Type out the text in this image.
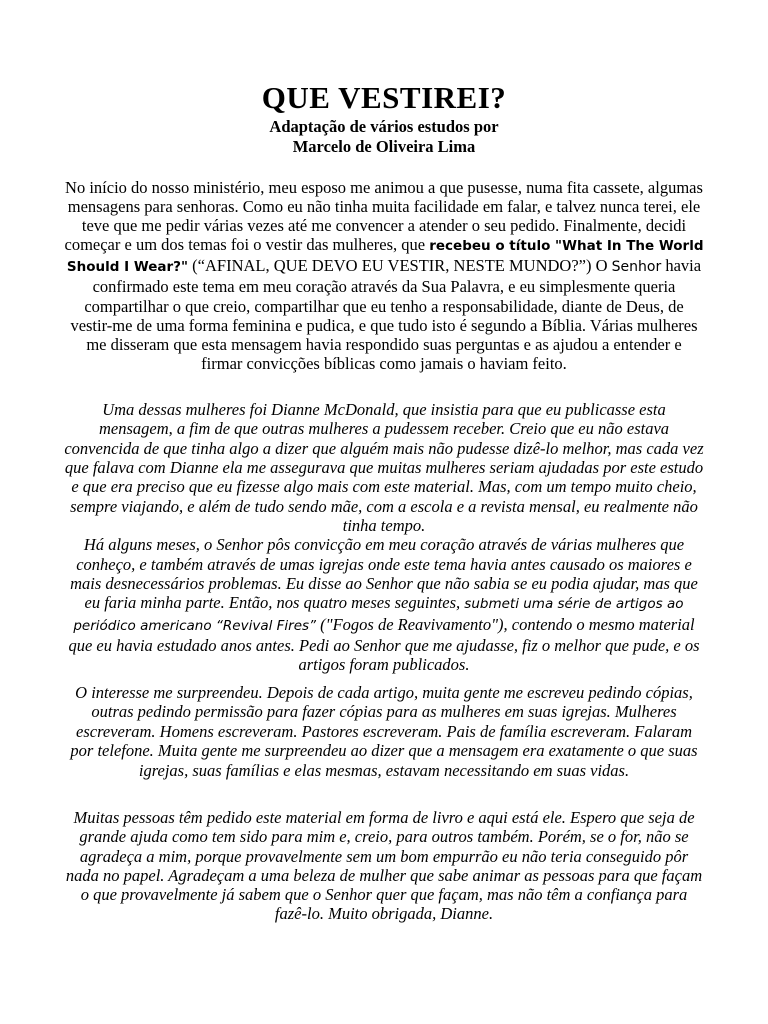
QUE VESTIREI?
Adaptação de vários estudos por
Marcelo de Oliveira Lima
No início do nosso ministério, meu esposo me animou a que pusesse, numa fita cassete, algumas mensagens para senhoras. Como eu não tinha muita facilidade em falar, e talvez nunca terei, ele teve que me pedir várias vezes até me convencer a atender o seu pedido. Finalmente, decidi começar e um dos temas foi o vestir das mulheres, que recebeu o título "What In The World Should I Wear?" (“AFINAL, QUE DEVO EU VESTIR, NESTE MUNDO?”) O Senhor havia confirmado este tema em meu coração através da Sua Palavra, e eu simplesmente queria compartilhar o que creio, compartilhar que eu tenho a responsabilidade, diante de Deus, de vestir-me de uma forma feminina e pudica, e que tudo isto é segundo a Bíblia. Várias mulheres me disseram que esta mensagem havia respondido suas perguntas e as ajudou a entender e firmar convicções bíblicas como jamais o haviam feito.
Uma dessas mulheres foi Dianne McDonald, que insistia para que eu publicasse esta mensagem, a fim de que outras mulheres a pudessem receber. Creio que eu não estava convencida de que tinha algo a dizer que alguém mais não pudesse dizê-lo melhor, mas cada vez que falava com Dianne ela me assegurava que muitas mulheres seriam ajudadas por este estudo e que era preciso que eu fizesse algo mais com este material. Mas, com um tempo muito cheio, sempre viajando, e além de tudo sendo mãe, com a escola e a revista mensal, eu realmente não tinha tempo.
Há alguns meses, o Senhor pôs convicção em meu coração através de várias mulheres que conheço, e também através de umas igrejas onde este tema havia antes causado os maiores e mais desnecessários problemas. Eu disse ao Senhor que não sabia se eu podia ajudar, mas que eu faria minha parte. Então, nos quatro meses seguintes, submeti uma série de artigos ao periódico americano “Revival Fires” ("Fogos de Reavivamento"), contendo o mesmo material que eu havia estudado anos antes. Pedi ao Senhor que me ajudasse, fiz o melhor que pude, e os artigos foram publicados.
O interesse me surpreendeu. Depois de cada artigo, muita gente me escreveu pedindo cópias, outras pedindo permissão para fazer cópias para as mulheres em suas igrejas. Mulheres escreveram. Homens escreveram. Pastores escreveram. Pais de família escreveram. Falaram por telefone. Muita gente me surpreendeu ao dizer que a mensagem era exatamente o que suas igrejas, suas famílias e elas mesmas, estavam necessitando em suas vidas.
Muitas pessoas têm pedido este material em forma de livro e aqui está ele. Espero que seja de grande ajuda como tem sido para mim e, creio, para outros também. Porém, se o for, não se agradeça a mim, porque provavelmente sem um bom empurrão eu não teria conseguido pôr nada no papel. Agradeçam a uma beleza de mulher que sabe animar as pessoas para que façam o que provavelmente já sabem que o Senhor quer que façam, mas não têm a confiança para fazê-lo. Muito obrigada, Dianne.
